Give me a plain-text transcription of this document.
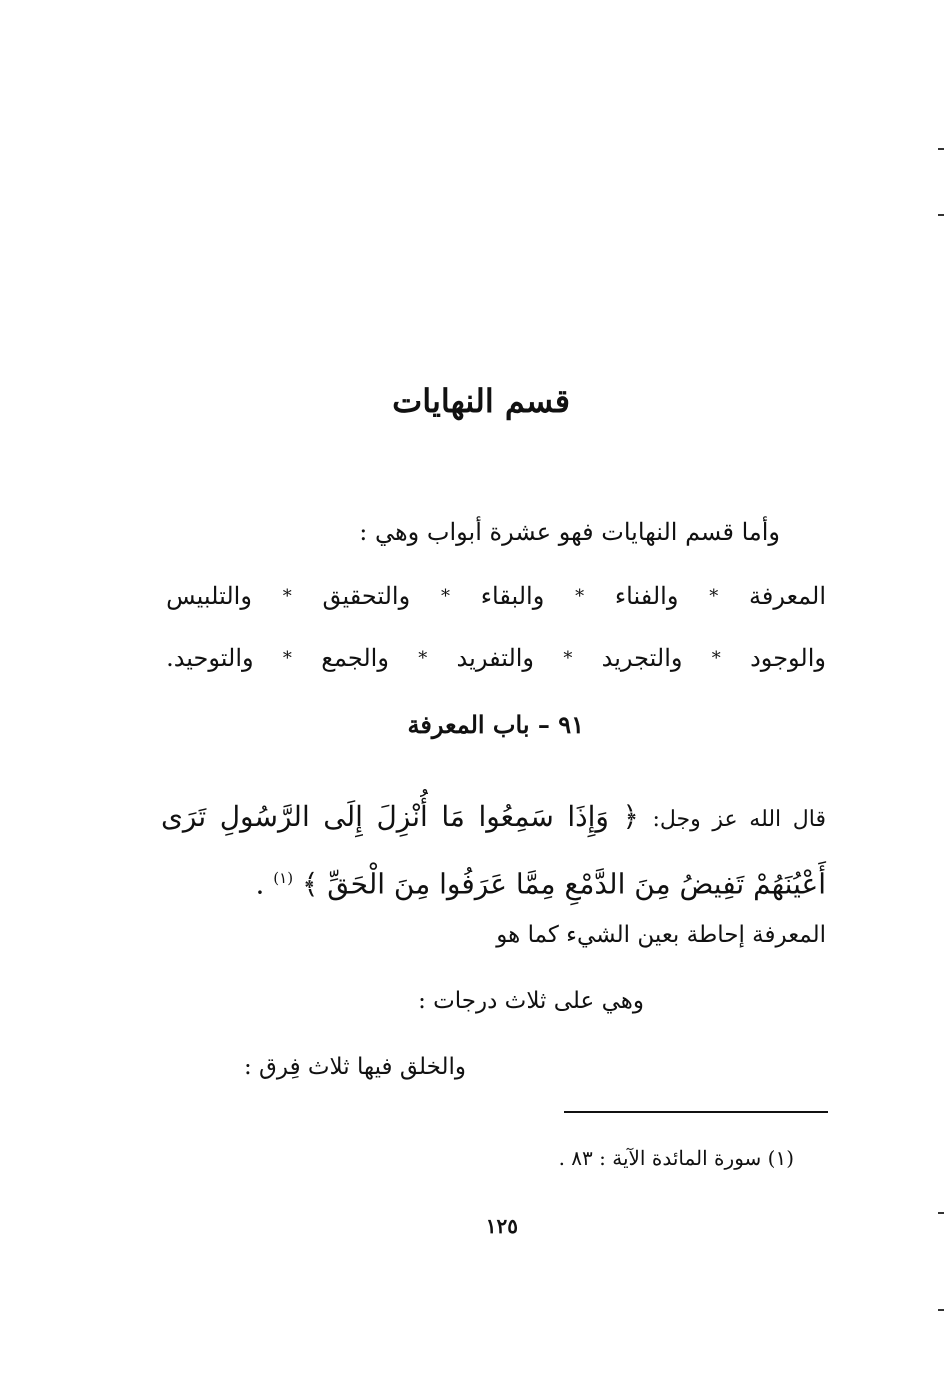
قسم النهايات
وأما قسم النهايات فهو عشرة أبواب وهي :
المعرفة
*
والفناء
*
والبقاء
*
والتحقيق
*
والتلبيس
والوجود
*
والتجريد
*
والتفريد
*
والجمع
*
والتوحيد.
٩١ – باب المعرفة
قال الله عز وجل: ﴿ وَإِذَا سَمِعُوا مَا أُنْزِلَ إِلَى الرَّسُولِ تَرَى أَعْيُنَهُمْ تَفِيضُ مِنَ الدَّمْعِ مِمَّا عَرَفُوا مِنَ الْحَقِّ ﴾ $^{(١)}$ .
المعرفة إحاطة بعين الشيء كما هو
وهي على ثلاث درجات :
والخلق فيها ثلاث فِرق :
(١) سورة المائدة الآية : ٨٣ .
١٢٥
